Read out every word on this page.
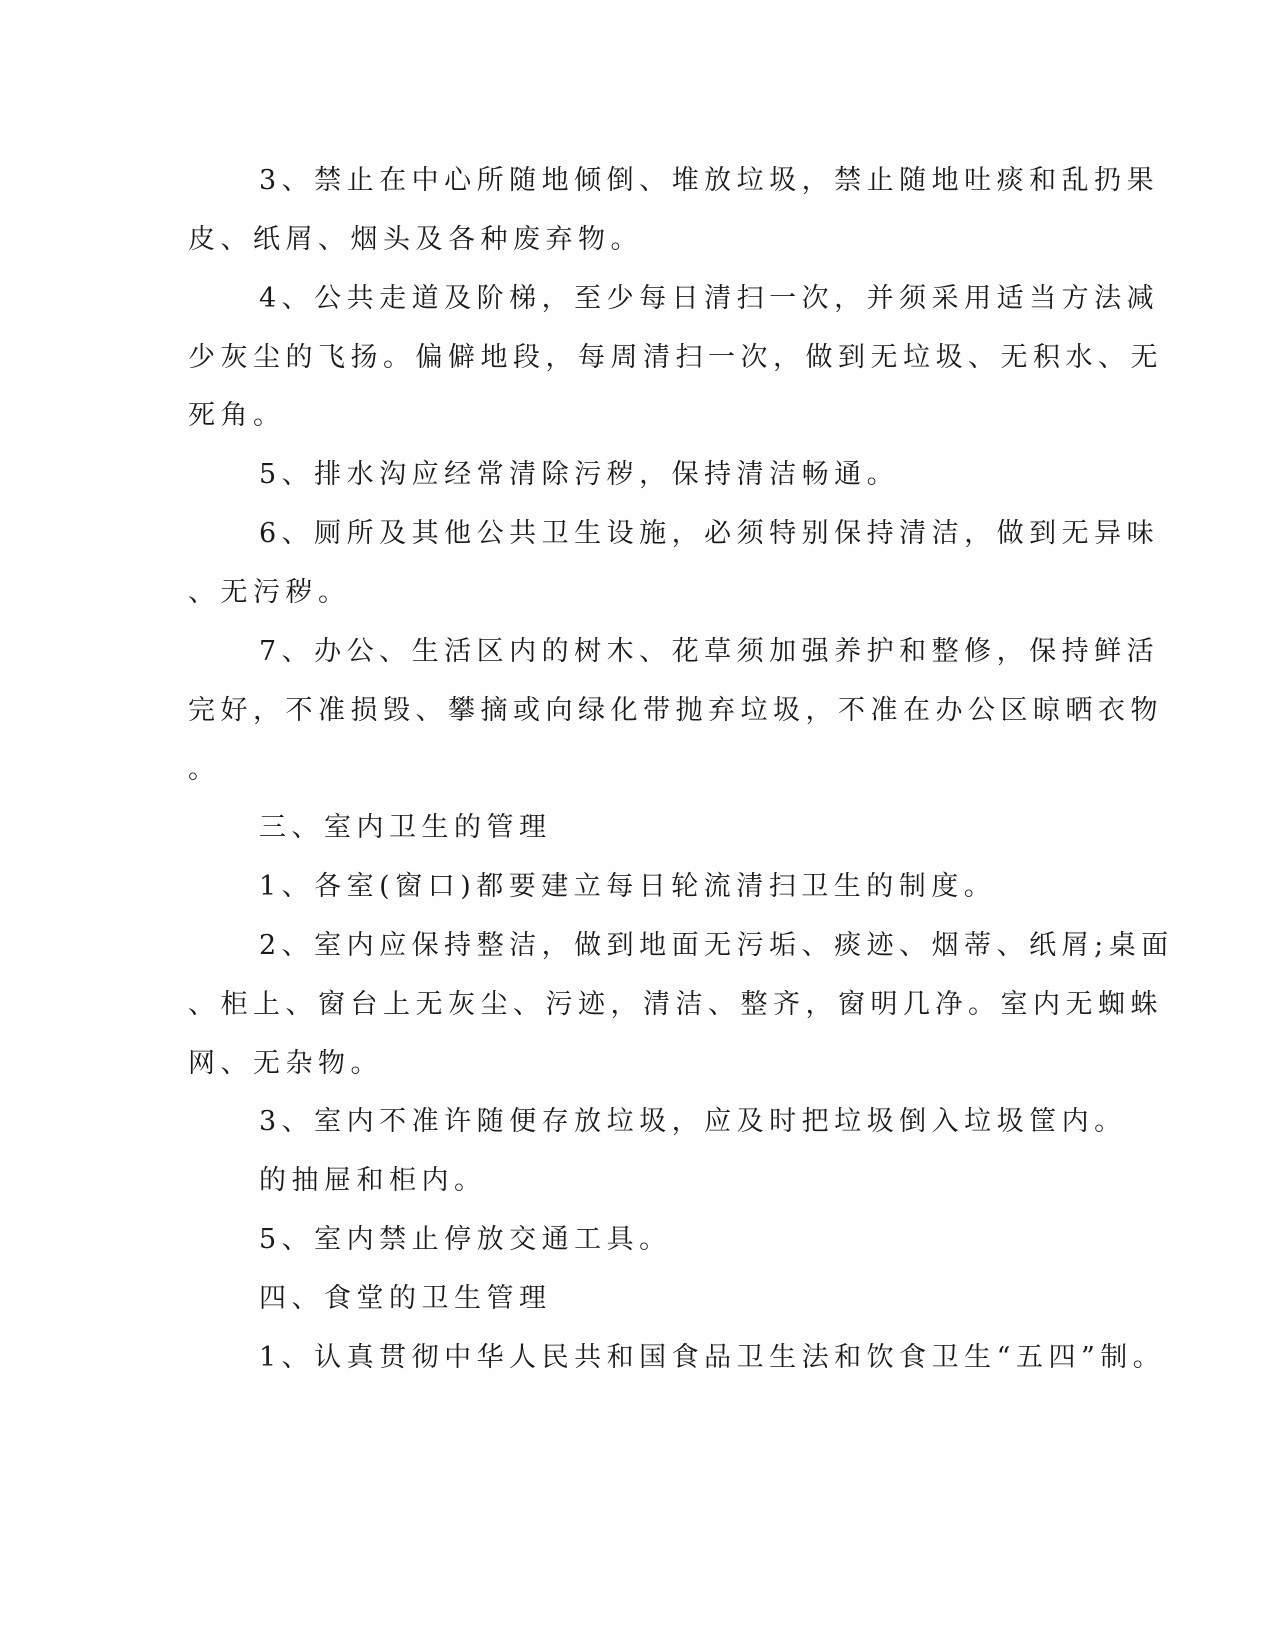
3、禁止在中心所随地倾倒、堆放垃圾，禁止随地吐痰和乱扔果
皮、纸屑、烟头及各种废弃物。
4、公共走道及阶梯，至少每日清扫一次，并须采用适当方法减
少灰尘的飞扬。偏僻地段，每周清扫一次，做到无垃圾、无积水、无
死角。
5、排水沟应经常清除污秽，保持清洁畅通。
6、厕所及其他公共卫生设施，必须特别保持清洁，做到无异味
、无污秽。
7、办公、生活区内的树木、花草须加强养护和整修，保持鲜活
完好，不准损毁、攀摘或向绿化带抛弃垃圾，不准在办公区晾晒衣物
。
三、室内卫生的管理
1、各室(窗口)都要建立每日轮流清扫卫生的制度。
2、室内应保持整洁，做到地面无污垢、痰迹、烟蒂、纸屑;桌面
、柜上、窗台上无灰尘、污迹，清洁、整齐，窗明几净。室内无蜘蛛
网、无杂物。
3、室内不准许随便存放垃圾，应及时把垃圾倒入垃圾筐内。
的抽屉和柜内。
5、室内禁止停放交通工具。
四、食堂的卫生管理
1、认真贯彻中华人民共和国食品卫生法和饮食卫生“五四”制。
